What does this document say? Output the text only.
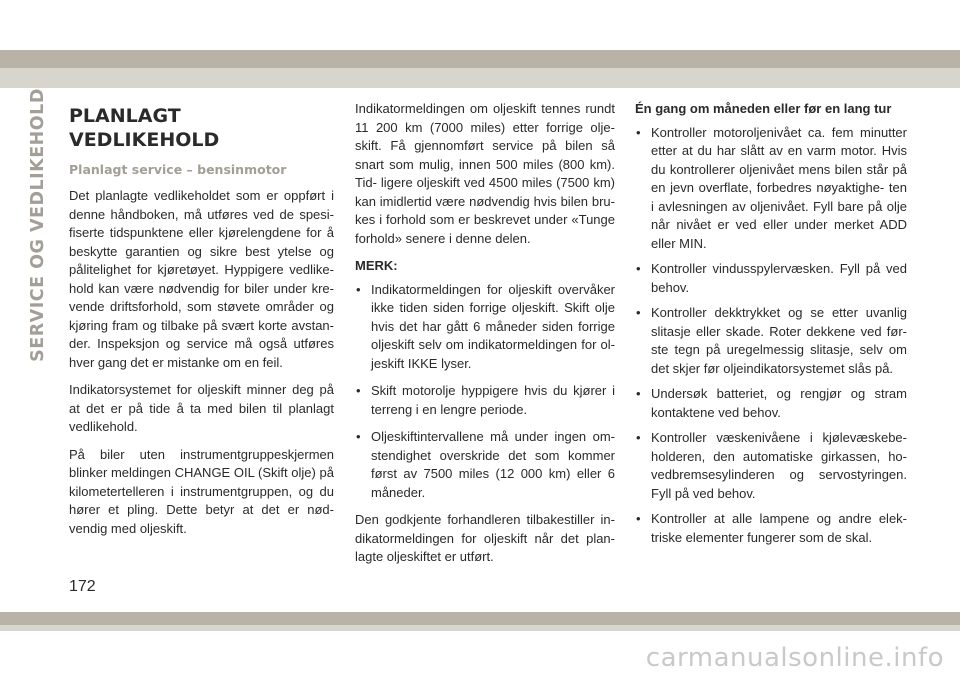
SERVICE OG VEDLIKEHOLD PLANLAGT VEDLIKEHOLD
Planlagt service – bensinmotor

Det planlagte vedlikeholdet som er oppført i denne håndboken, må utføres ved de spesi- fiserte tidspunktene eller kjørelengdene for å beskytte garantien og sikre best ytelse og pålitelighet for kjøretøyet. Hyppigere vedlike- hold kan være nødvendig for biler under kre- vende driftsforhold, som støvete områder og kjøring fram og tilbake på svært korte avstan- der. Inspeksjon og service må også utføres hver gang det er mistanke om en feil.

Indikatorsystemet for oljeskift minner deg på at det er på tide å ta med bilen til planlagt vedlikehold.

På biler uten instrumentgruppeskjermen blinker meldingen CHANGE OIL (Skift olje) på kilometertelleren i instrumentgruppen, og du hører et pling. Dette betyr at det er nød- vendig med oljeskift.

Indikatormeldingen om oljeskift tennes rundt 11 200 km (7000 miles) etter forrige olje- skift. Få gjennomført service på bilen så snart som mulig, innen 500 miles (800 km). Tid- ligere oljeskift ved 4500 miles (7500 km) kan imidlertid være nødvendig hvis bilen bru- kes i forhold som er beskrevet under «Tunge forhold» senere i denne delen.

MERK:
• Indikatormeldingen for oljeskift overvåker ikke tiden siden forrige oljeskift. Skift olje hvis det har gått 6 måneder siden forrige oljeskift selv om indikatormeldingen for ol- jeskift IKKE lyser.
• Skift motorolje hyppigere hvis du kjører i terreng i en lengre periode.
• Oljeskiftintervallene må under ingen om- stendighet overskride det som kommer først av 7500 miles (12 000 km) eller 6 måneder.

Den godkjente forhandleren tilbakestiller in- dikatormeldingen for oljeskift når det plan- lagte oljeskiftet er utført.

Én gang om måneden eller før en lang tur
• Kontroller motoroljenivået ca. fem minutter etter at du har slått av en varm motor. Hvis du kontrollerer oljenivået mens bilen står på en jevn overflate, forbedres nøyaktighe- ten i avlesningen av oljenivået. Fyll bare på olje når nivået er ved eller under merket ADD eller MIN.
• Kontroller vindusspylervæsken. Fyll på ved behov.
• Kontroller dekktrykket og se etter uvanlig slitasje eller skade. Roter dekkene ved før- ste tegn på uregelmessig slitasje, selv om det skjer før oljeindikatorsystemet slås på.
• Undersøk batteriet, og rengjør og stram kontaktene ved behov.
• Kontroller væskenivåene i kjølevæskebe- holderen, den automatiske girkassen, ho- vedbremsesylinderen og servostyringen. Fyll på ved behov.
• Kontroller at alle lampene og andre elek- triske elementer fungerer som de skal.
172
carmanualsonline.info
